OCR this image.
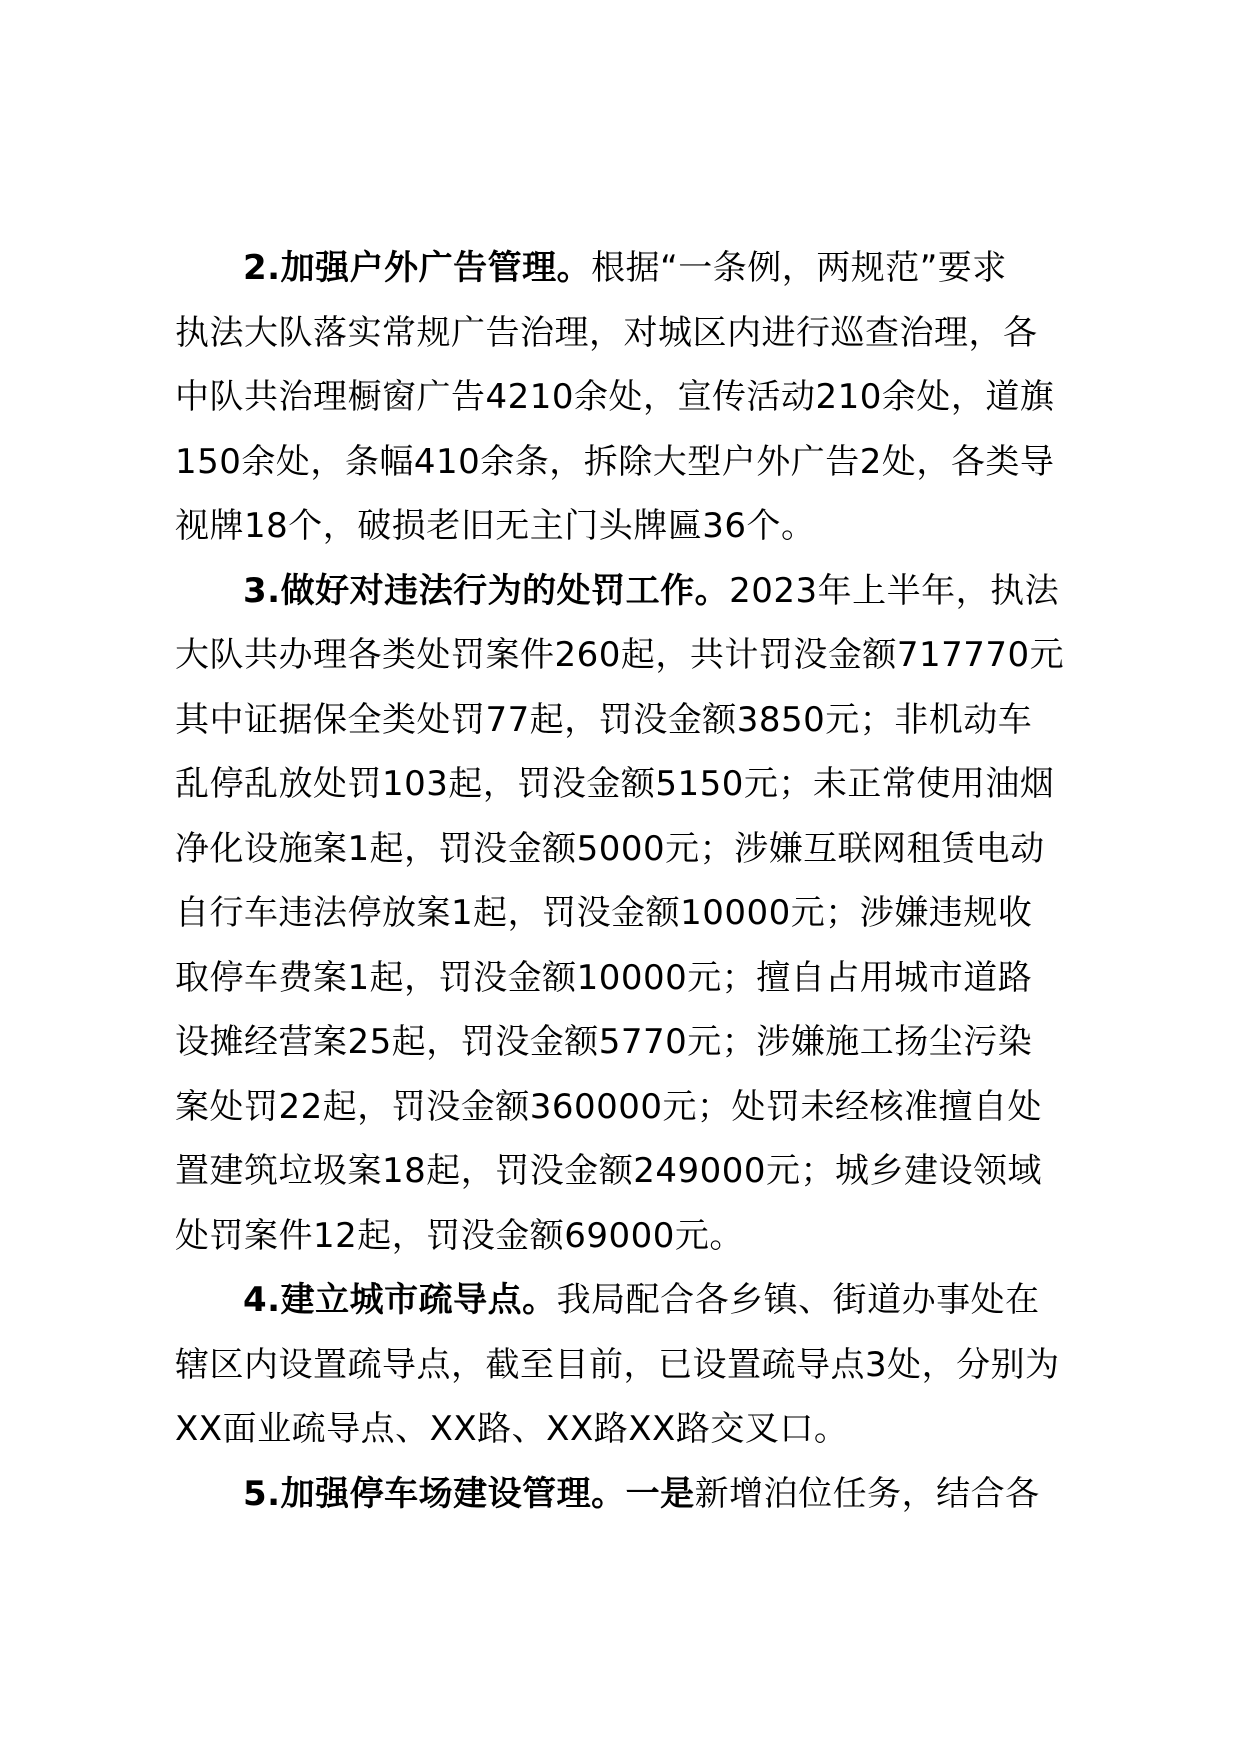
2.加强户外广告管理。根据“一条例，两规范”要求
执法大队落实常规广告治理，对城区内进行巡查治理，各
中队共治理橱窗广告4210余处，宣传活动210余处，道旗
150余处，条幅410余条，拆除大型户外广告2处，各类导
视牌18个，破损老旧无主门头牌匾36个。
3.做好对违法行为的处罚工作。2023年上半年，执法
大队共办理各类处罚案件260起，共计罚没金额717770元
其中证据保全类处罚77起，罚没金额3850元；非机动车
乱停乱放处罚103起，罚没金额5150元；未正常使用油烟
净化设施案1起，罚没金额5000元；涉嫌互联网租赁电动
自行车违法停放案1起，罚没金额10000元；涉嫌违规收
取停车费案1起，罚没金额10000元；擅自占用城市道路
设摊经营案25起，罚没金额5770元；涉嫌施工扬尘污染
案处罚22起，罚没金额360000元；处罚未经核准擅自处
置建筑垃圾案18起，罚没金额249000元；城乡建设领域
处罚案件12起，罚没金额69000元。
4.建立城市疏导点。我局配合各乡镇、街道办事处在
辖区内设置疏导点，截至目前，已设置疏导点3处，分别为
XX面业疏导点、XX路、XX路XX路交叉口。
5.加强停车场建设管理。一是新增泊位任务，结合各
